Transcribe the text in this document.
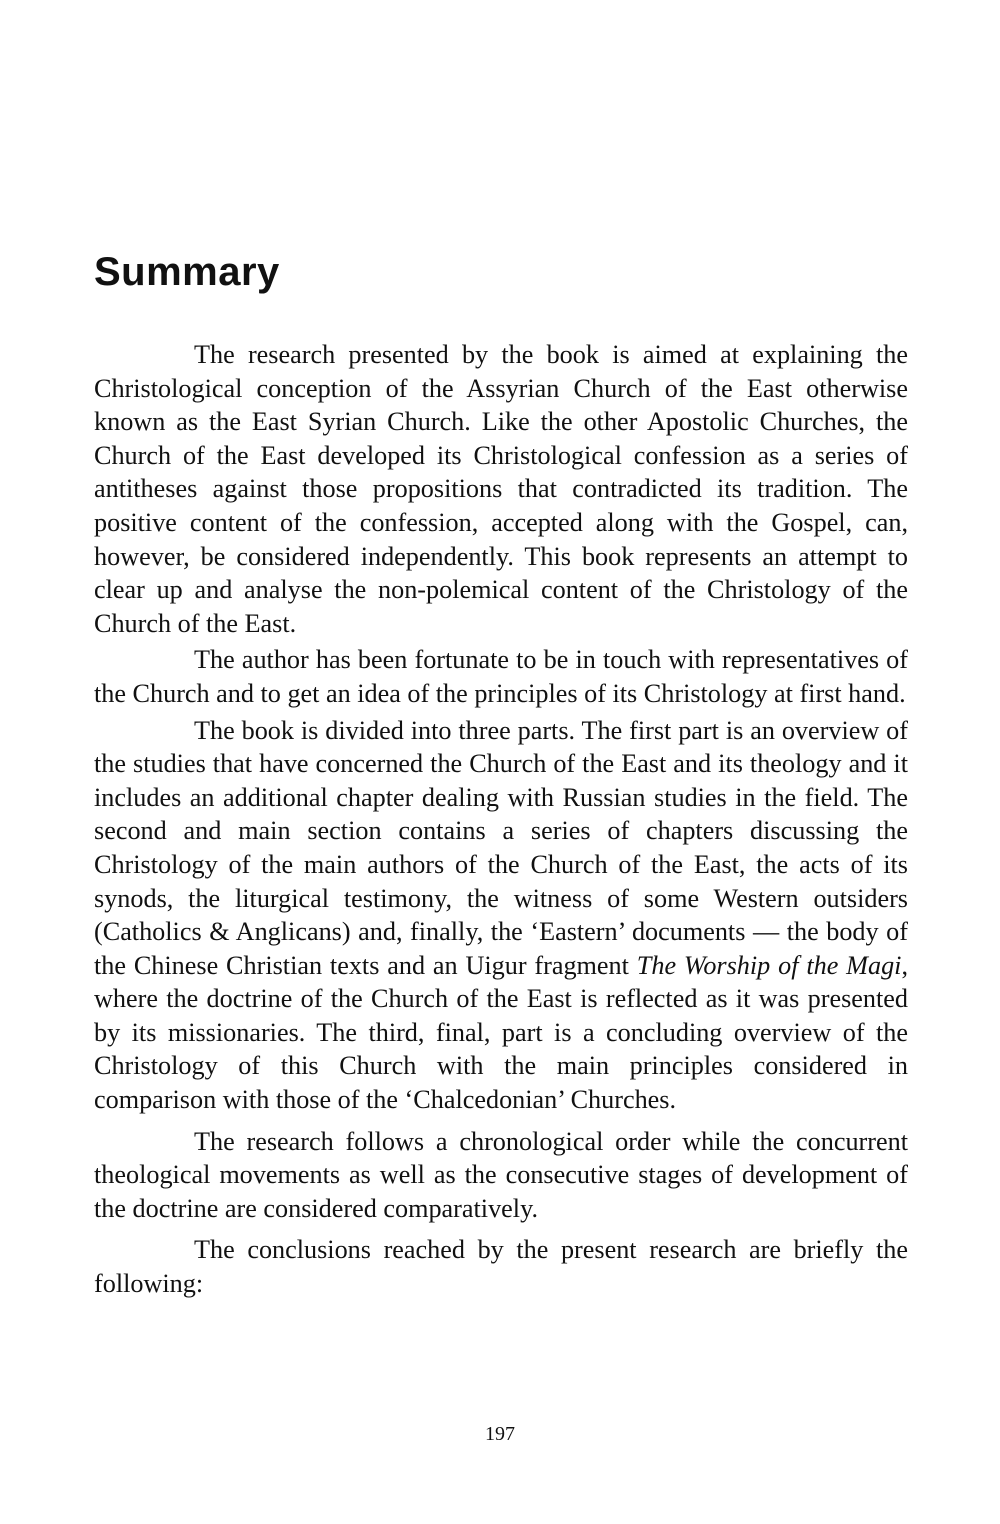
Summary

The research presented by the book is aimed at explaining the Christological conception of the Assyrian Church of the East otherwise known as the East Syrian Church. Like the other Apostolic Churches, the Church of the East developed its Christological confession as a series of antitheses against those propositions that contradicted its tradition. The positive content of the confession, accepted along with the Gospel, can, however, be considered independently. This book represents an attempt to clear up and analyse the non-polemical content of the Christology of the Church of the East.

The author has been fortunate to be in touch with representatives of the Church and to get an idea of the principles of its Christology at first hand.

The book is divided into three parts. The first part is an overview of the studies that have concerned the Church of the East and its theology and it includes an additional chapter dealing with Russian studies in the field. The second and main section contains a series of chapters discussing the Christology of the main authors of the Church of the East, the acts of its synods, the liturgical testimony, the witness of some Western outsiders (Catholics & Anglicans) and, finally, the ‘Eastern’ documents — the body of the Chinese Christian texts and an Uigur fragment The Worship of the Magi, where the doctrine of the Church of the East is reflected as it was presented by its missionaries. The third, final, part is a concluding overview of the Christology of this Church with the main principles considered in comparison with those of the ‘Chalcedonian’ Churches.

The research follows a chronological order while the concurrent theological movements as well as the consecutive stages of development of the doctrine are considered comparatively.

The conclusions reached by the present research are briefly the following:

197
